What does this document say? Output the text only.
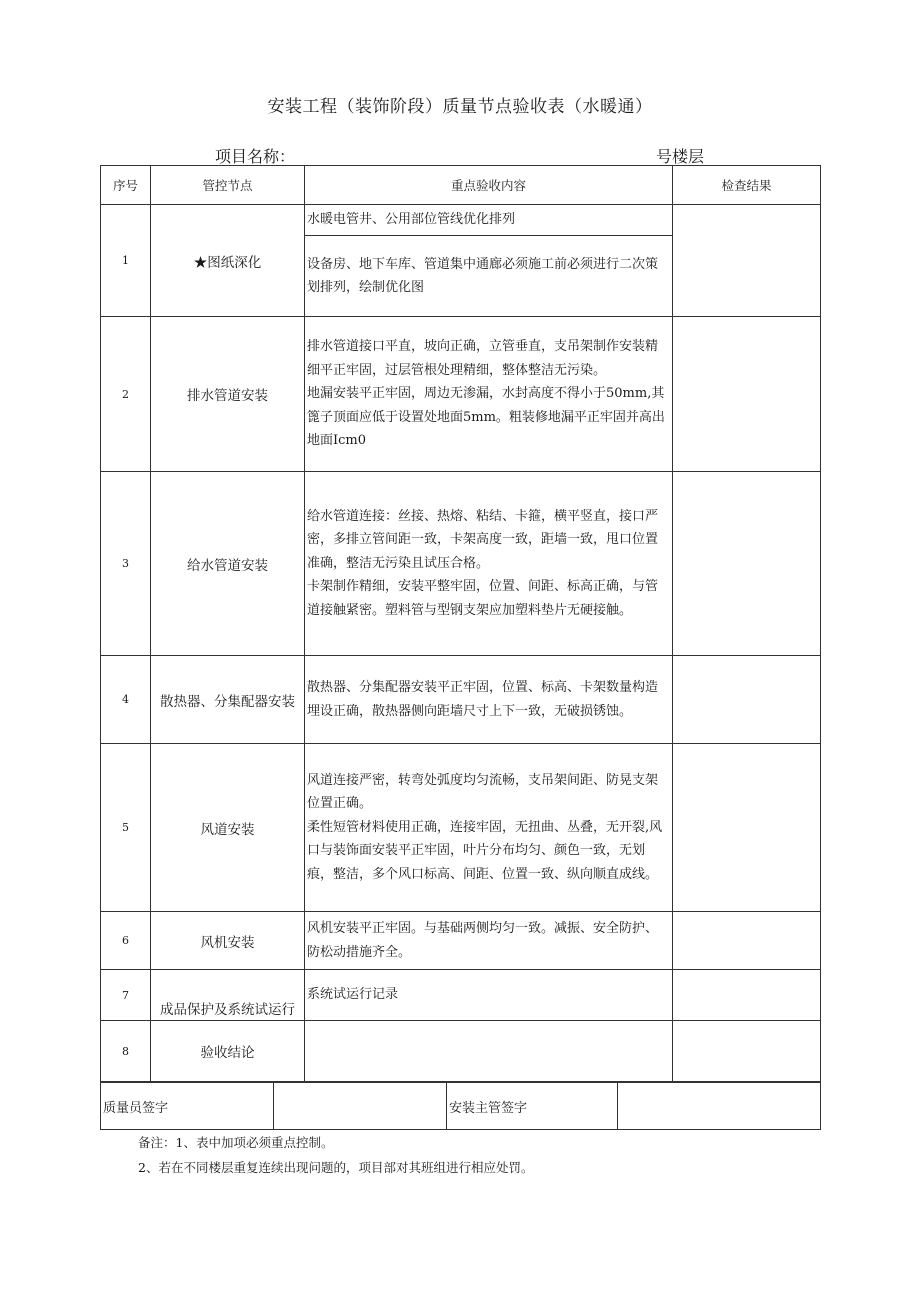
安装工程（装饰阶段）质量节点验收表（水暖通）
项目名称：	号楼层
序号	管控节点	重点验收内容	检查结果
1	★图纸深化	水暖电管井、公用部位管线优化排列	
		设备房、地下车库、管道集中通廊必须施工前必须进行二次策划排列，绘制优化图	
2	排水管道安装	排水管道接口平直，坡向正确，立管垂直，支吊架制作安装精细平正牢固，过层管根处理精细，整体整洁无污染。
地漏安装平正牢固，周边无渗漏，水封高度不得小于50mm,其篦子顶面应低于设置处地面5mm。粗装修地漏平正牢固并高出地面Icm0	

3	给水管道安装	给水管道连接：丝接、热熔、粘结、卡箍，横平竖直，接口严密，多排立管间距一致，卡架高度一致，距墙一致，甩口位置准确，整洁无污染且试压合格。
卡架制作精细，安装平整牢固，位置、间距、标高正确，与管道接触紧密。塑料管与型钢支架应加塑料垫片无硬接触。	

4	散热器、分集配器安装	散热器、分集配器安装平正牢固，位置、标高、卡架数量构造埋设正确，散热器侧向距墙尺寸上下一致，无破损锈蚀。	
5	风道安装	风道连接严密，转弯处弧度均匀流畅，支吊架间距、防晃支架位置正确。
柔性短管材料使用正确，连接牢固，无扭曲、丛叠，无开裂,风口与装饰面安装平正牢固，叶片分布均匀、颜色一致，无划痕，整洁，多个风口标高、间距、位置一致、纵向顺直成线。	

6	风机安装	风机安装平正牢固。与基础两侧均匀一致。减振、安全防护、防松动措施齐全。	
7	成品保护及系统试运行	系统试运行记录	
8	验收结论		
质量员签字		安装主管签字	
备注：1、表中加项必须重点控制。
2、若在不同楼层重复连续出现问题的，项目部对其班组进行相应处罚。
